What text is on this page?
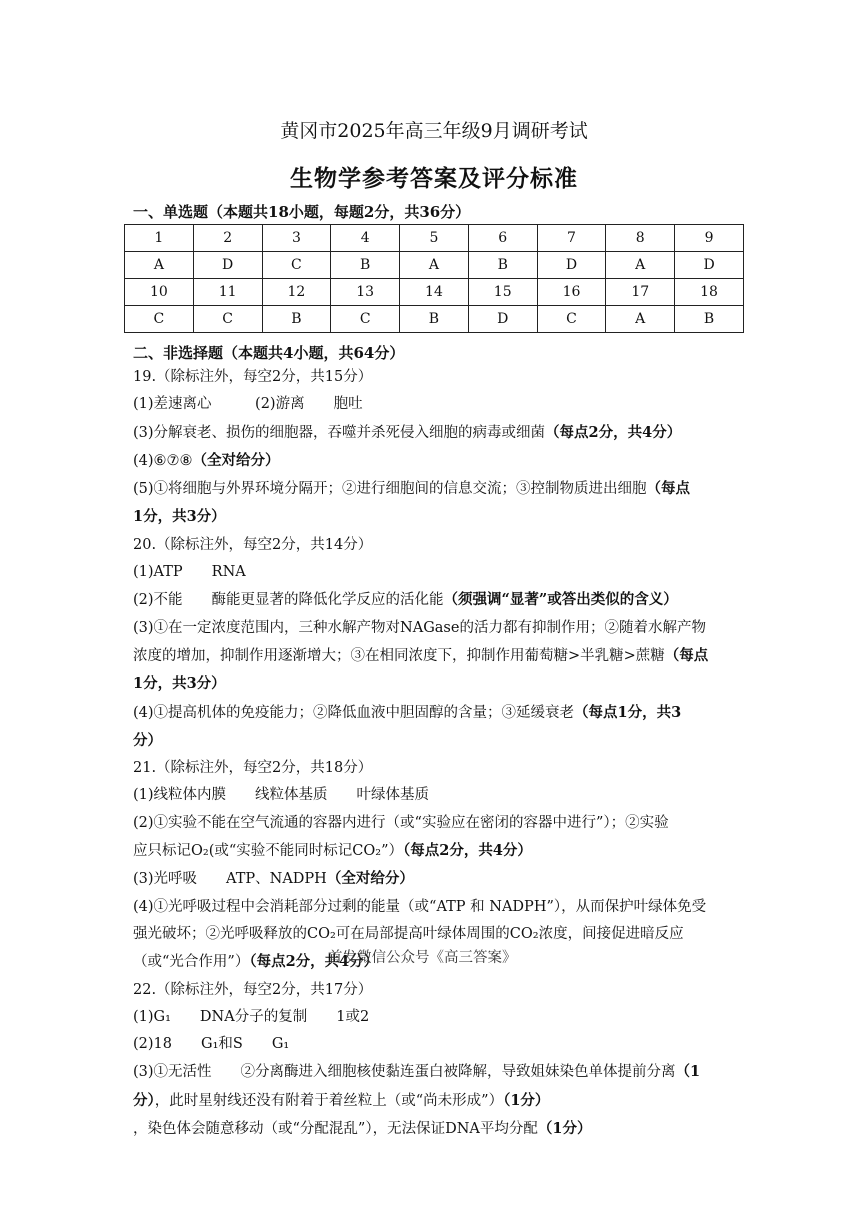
黄冈市2025年高三年级9月调研考试
生物学参考答案及评分标准
一、单选题（本题共18小题，每题2分，共36分）
1	2	3	4	5	6	7	8	9
A	D	C	B	A	B	D	A	D
10	11	12	13	14	15	16	17	18
C	C	B	C	B	D	C	A	B
二、非选择题（本题共4小题，共64分）
19.（除标注外，每空2分，共15分）
(1)差速离心　　　(2)游离　　胞吐
(3)分解衰老、损伤的细胞器，吞噬并杀死侵入细胞的病毒或细菌（每点2分，共4分）
(4)⑥⑦⑧（全对给分）
(5)①将细胞与外界环境分隔开；②进行细胞间的信息交流；③控制物质进出细胞（每点
1分，共3分）
20.（除标注外，每空2分，共14分）
(1)ATP　　RNA
(2)不能　　酶能更显著的降低化学反应的活化能（须强调“显著”或答出类似的含义）
(3)①在一定浓度范围内，三种水解产物对NAGase的活力都有抑制作用；②随着水解产物
浓度的增加，抑制作用逐渐增大；③在相同浓度下，抑制作用葡萄糖>半乳糖>蔗糖（每点
1分，共3分）
(4)①提高机体的免疫能力；②降低血液中胆固醇的含量；③延缓衰老（每点1分，共3
分）
21.（除标注外，每空2分，共18分）
(1)线粒体内膜　　线粒体基质　　叶绿体基质
(2)①实验不能在空气流通的容器内进行（或“实验应在密闭的容器中进行”）；②实验
应只标记O₂(或“实验不能同时标记CO₂”）（每点2分，共4分）
(3)光呼吸　　ATP、NADPH（全对给分）
(4)①光呼吸过程中会消耗部分过剩的能量（或“ATP 和 NADPH”），从而保护叶绿体免受
强光破坏；②光呼吸释放的CO₂可在局部提高叶绿体周围的CO₂浓度，间接促进暗反应
（或“光合作用”）（每点2分，共4分）
22.（除标注外，每空2分，共17分）
(1)G₁　　DNA分子的复制　　1或2
(2)18　　G₁和S　　G₁
(3)①无活性　　②分离酶进入细胞核使黏连蛋白被降解，导致姐妹染色单体提前分离（1
分），此时星射线还没有附着于着丝粒上（或“尚未形成”）（1分）
，染色体会随意移动（或“分配混乱”），无法保证DNA平均分配（1分）
首发微信公众号《高三答案》
